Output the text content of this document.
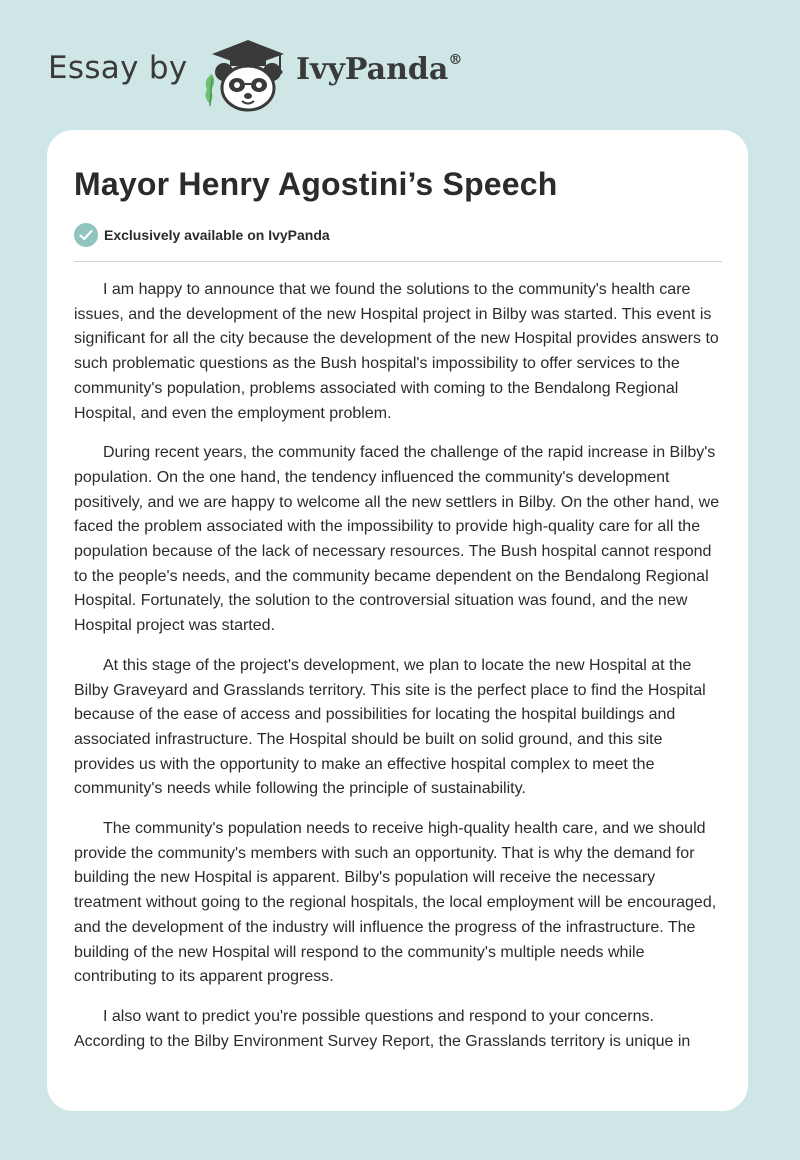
Essay by	IvyPanda®
Mayor Henry Agostini’s Speech
Exclusively available on IvyPanda

I am happy to announce that we found the solutions to the community's health care issues, and the development of the new Hospital project in Bilby was started. This event is significant for all the city because the development of the new Hospital provides answers to such problematic questions as the Bush hospital's impossibility to offer services to the community's population, problems associated with coming to the Bendalong Regional Hospital, and even the employment problem.

During recent years, the community faced the challenge of the rapid increase in Bilby's population. On the one hand, the tendency influenced the community's development positively, and we are happy to welcome all the new settlers in Bilby. On the other hand, we faced the problem associated with the impossibility to provide high-quality care for all the population because of the lack of necessary resources. The Bush hospital cannot respond to the people's needs, and the community became dependent on the Bendalong Regional Hospital. Fortunately, the solution to the controversial situation was found, and the new Hospital project was started.

At this stage of the project's development, we plan to locate the new Hospital at the Bilby Graveyard and Grasslands territory. This site is the perfect place to find the Hospital because of the ease of access and possibilities for locating the hospital buildings and associated infrastructure. The Hospital should be built on solid ground, and this site provides us with the opportunity to make an effective hospital complex to meet the community's needs while following the principle of sustainability.

The community's population needs to receive high-quality health care, and we should provide the community's members with such an opportunity. That is why the demand for building the new Hospital is apparent. Bilby's population will receive the necessary treatment without going to the regional hospitals, the local employment will be encouraged, and the development of the industry will influence the progress of the infrastructure. The building of the new Hospital will respond to the community's multiple needs while contributing to its apparent progress.

I also want to predict you're possible questions and respond to your concerns. According to the Bilby Environment Survey Report, the Grasslands territory is unique in
